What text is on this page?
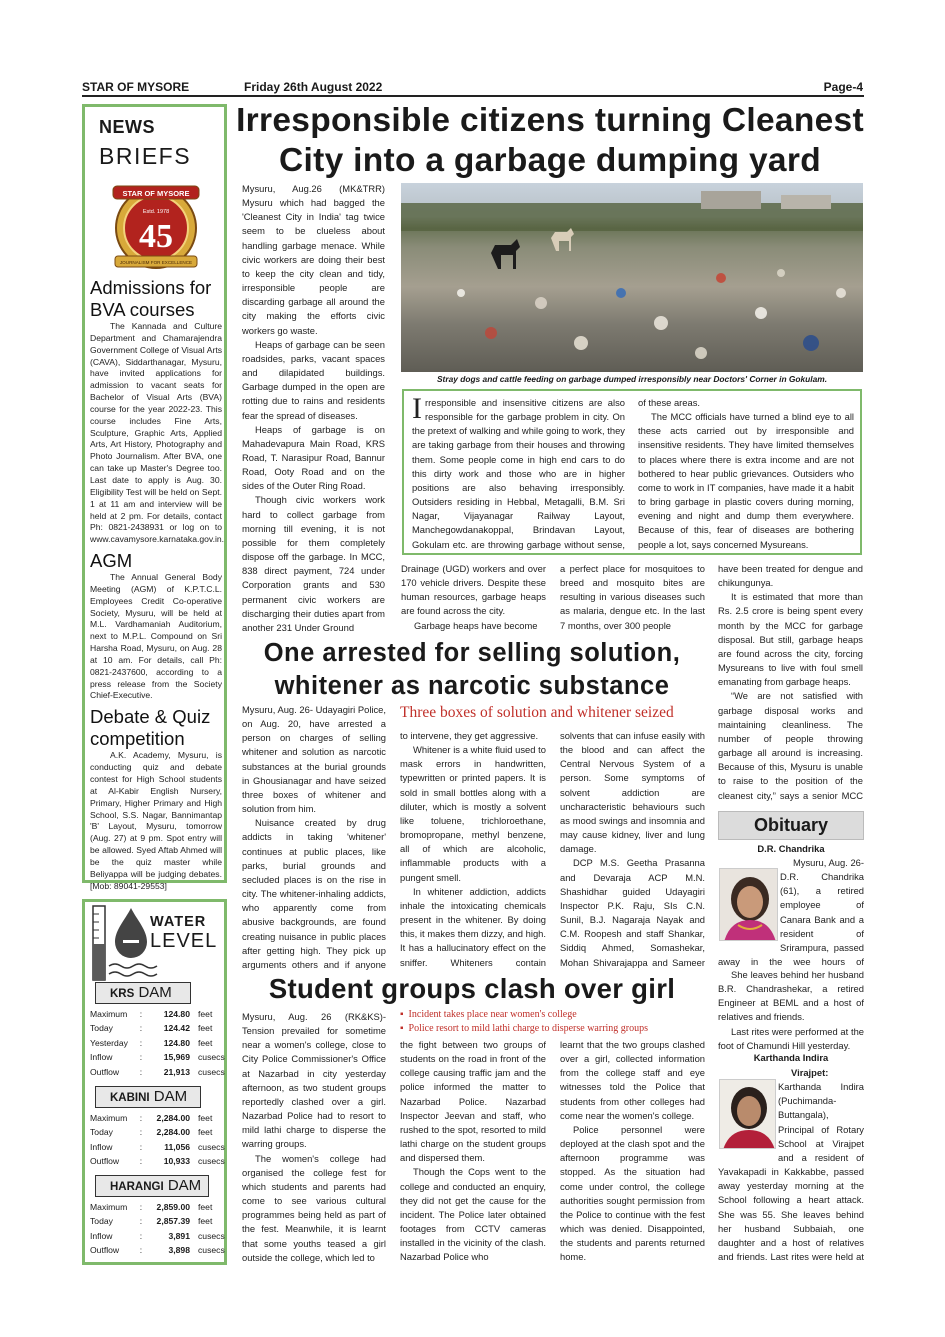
STAR OF MYSORE	Friday 26th August 2022	Page-4
NEWS
BRIEFS
STAR OF MYSORE
Estd. 1978
45
JOURNALISM FOR EXCELLENCE
Admissions for
BVA courses
The Kannada and Culture Department and Chamarajendra Government College of Visual Arts (CAVA), Siddarthanagar, Mysuru, have invited applications for admission to vacant seats for Bachelor of Visual Arts (BVA) course for the year 2022-23. This course includes Fine Arts, Sculpture, Graphic Arts, Applied Arts, Art History, Photography and Photo Journalism. After BVA, one can take up Master's Degree too. Last date to apply is Aug. 30. Eligibility Test will be held on Sept. 1 at 11 am and interview will be held at 2 pm. For details, contact Ph: 0821-2438931 or log on to www.cavamysore.karnataka.gov.in.
AGM
The Annual General Body Meeting (AGM) of K.P.T.C.L. Employees Credit Co-operative Society, Mysuru, will be held at M.L. Vardhamaniah Auditorium, next to M.P.L. Compound on Sri Harsha Road, Mysuru, on Aug. 28 at 10 am. For details, call Ph: 0821-2437600, according to a press release from the Society Chief-Executive.
Debate & Quiz
competition
A.K. Academy, Mysuru, is conducting quiz and debate contest for High School students at Al-Kabir English Nursery, Primary, Higher Primary and High School, S.S. Nagar, Bannimantap 'B' Layout, Mysuru, tomorrow (Aug. 27) at 9 pm. Spot entry will be allowed. Syed Aftab Ahmed will be the quiz master while Beliyappa will be judging debates. [Mob: 89041-29553]
WATER
LEVEL
KRS DAM
Maximum	:	124.80 feet
Today	:	124.42 feet
Yesterday	:	124.80 feet
Inflow	:	15,969 cusecs
Outflow	:	21,913 cusecs
KABINI DAM
Maximum	:	2,284.00 feet
Today	:	2,284.00 feet
Inflow	:	11,056 cusecs
Outflow	:	10,933 cusecs
HARANGI DAM
Maximum	:	2,859.00 feet
Today	:	2,857.39 feet
Inflow	:	3,891 cusecs
Outflow	:	3,898 cusecs
Irresponsible citizens turning Cleanest
City into a garbage dumping yard

Mysuru, Aug.26 (MK&TRR) Mysuru which had bagged the 'Cleanest City in India' tag twice seem to be clueless about handling garbage menace. While civic workers are doing their best to keep the city clean and tidy, irresponsible people are discarding garbage all around the city making the efforts civic workers go waste.

Heaps of garbage can be seen roadsides, parks, vacant spaces and dilapidated buildings. Garbage dumped in the open are rotting due to rains and residents fear the spread of diseases.

Heaps of garbage is on Mahadevapura Main Road, KRS Road, T. Narasipur Road, Bannur Road, Ooty Road and on the sides of the Outer Ring Road.

Though civic workers work hard to collect garbage from morning till evening, it is not possible for them completely dispose off the garbage. In MCC, 838 direct payment, 724 under Corporation grants and 530 permanent civic workers are discharging their duties apart from another 231 Under Ground

Stray dogs and cattle feeding on garbage dumped irresponsibly near Doctors' Corner in Gokulam.
Irresponsible and insensitive citizens are also responsible for the garbage problem in city. On the pretext of walking and while going to work, they are taking garbage from their houses and throwing them. Some people come in high end cars to do this dirty work and those who are in higher positions are also behaving irresponsibly. Outsiders residing in Hebbal, Metagalli, B.M. Sri Nagar, Vijayanagar Railway Layout, Manchegowdanakoppal, Brindavan Layout, Gokulam etc. are throwing garbage without sense,

of these areas.

The MCC officials have turned a blind eye to all these acts carried out by irresponsible and insensitive residents. They have limited themselves to places where there is extra income and are not bothered to hear public grievances. Outsiders who come to work in IT companies, have made it a habit to bring garbage in plastic covers during morning, evening and night and dump them everywhere. Because of this, fear of diseases are bothering people a lot, says concerned Mysureans.

Drainage (UGD) workers and over 170 vehicle drivers. Despite these human resources, garbage heaps are found across the city.

Garbage heaps have become

a perfect place for mosquitoes to breed and mosquito bites are resulting in various diseases such as malaria, dengue etc. In the last 7 months, over 300 people

have been treated for dengue and chikungunya.

It is estimated that more than Rs. 2.5 crore is being spent every month by the MCC for garbage disposal. But still, garbage heaps are found across the city, forcing Mysureans to live with foul smell emanating from garbage heaps.

“We are not satisfied with garbage disposal works and maintaining cleanliness. The number of people throwing garbage all around is increasing. Because of this, Mysuru is unable to raise to the position of the cleanest city,” says a senior MCC

One arrested for selling solution,
whitener as narcotic substance
Three boxes of solution and whitener seized

Mysuru, Aug. 26- Udayagiri Police, on Aug. 20, have arrested a person on charges of selling whitener and solution as narcotic substances at the burial grounds in Ghousianagar and have seized three boxes of whitener and solution from him.

Nuisance created by drug addicts in taking 'whitener' continues at public places, like parks, burial grounds and secluded places is on the rise in city. The whitener-inhaling addicts, who apparently come from abusive backgrounds, are found creating nuisance in public places after getting high. They pick up arguments others and if anyone

to intervene, they get aggressive.

Whitener is a white fluid used to mask errors in handwritten, typewritten or printed papers. It is sold in small bottles along with a diluter, which is mostly a solvent like toluene, trichloroethane, bromopropane, methyl benzene, all of which are alcoholic, inflammable products with a pungent smell.

In whitener addiction, addicts inhale the intoxicating chemicals present in the whitener. By doing this, it makes them dizzy, and high. It has a hallucinatory effect on the sniffer. Whiteners contain

solvents that can infuse easily with the blood and can affect the Central Nervous System of a person. Some symptoms of solvent addiction are uncharacteristic behaviours such as mood swings and insomnia and may cause kidney, liver and lung damage.

DCP M.S. Geetha Prasanna and Devaraja ACP M.N. Shashidhar guided Udayagiri Inspector P.K. Raju, SIs C.N. Sunil, B.J. Nagaraja Nayak and C.M. Roopesh and staff Shankar, Siddiq Ahmed, Somashekar, Mohan Shivarajappa and Sameer

Obituary
D.R. Chandrika

Mysuru, Aug. 26- D.R. Chandrika (61), a retired employee of Canara Bank and a resident of Srirampura, passed away in the wee hours of

She leaves behind her husband B.R. Chandrashekar, a retired Engineer at BEML and a host of relatives and friends.

Last rites were performed at the foot of Chamundi Hill yesterday.

Karthanda Indira

Virajpet: Karthanda Indira (Puchimanda-Buttangala), Principal of Rotary School at Virajpet and a resident of Yavakapadi in Kakkabbe, passed away yesterday morning at the School following a heart attack. She was 55. She leaves behind her husband Subbaiah, one daughter and a host of relatives and friends. Last rites were held at

Student groups clash over girl
▪  Incident takes place near women's college
▪  Police resort to mild lathi charge to disperse warring groups

Mysuru, Aug. 26 (RK&KS)- Tension prevailed for sometime near a women's college, close to City Police Commissioner's Office at Nazarbad in city yesterday afternoon, as two student groups reportedly clashed over a girl. Nazarbad Police had to resort to mild lathi charge to disperse the warring groups.

The women's college had organised the college fest for which students and parents had come to see various cultural programmes being held as part of the fest. Meanwhile, it is learnt that some youths teased a girl outside the college, which led to

the fight between two groups of students on the road in front of the college causing traffic jam and the police informed the matter to Nazarbad Police. Nazarbad Inspector Jeevan and staff, who rushed to the spot, resorted to mild lathi charge on the student groups and dispersed them.

Though the Cops went to the college and conducted an enquiry, they did not get the cause for the incident. The Police later obtained footages from CCTV cameras installed in the vicinity of the clash. Nazarbad Police who

learnt that the two groups clashed over a girl, collected information from the college staff and eye witnesses told the Police that students from other colleges had come near the women's college.

Police personnel were deployed at the clash spot and the afternoon programme was stopped. As the situation had come under control, the college authorities sought permission from the Police to continue with the fest which was denied. Disappointed, the students and parents returned home.
